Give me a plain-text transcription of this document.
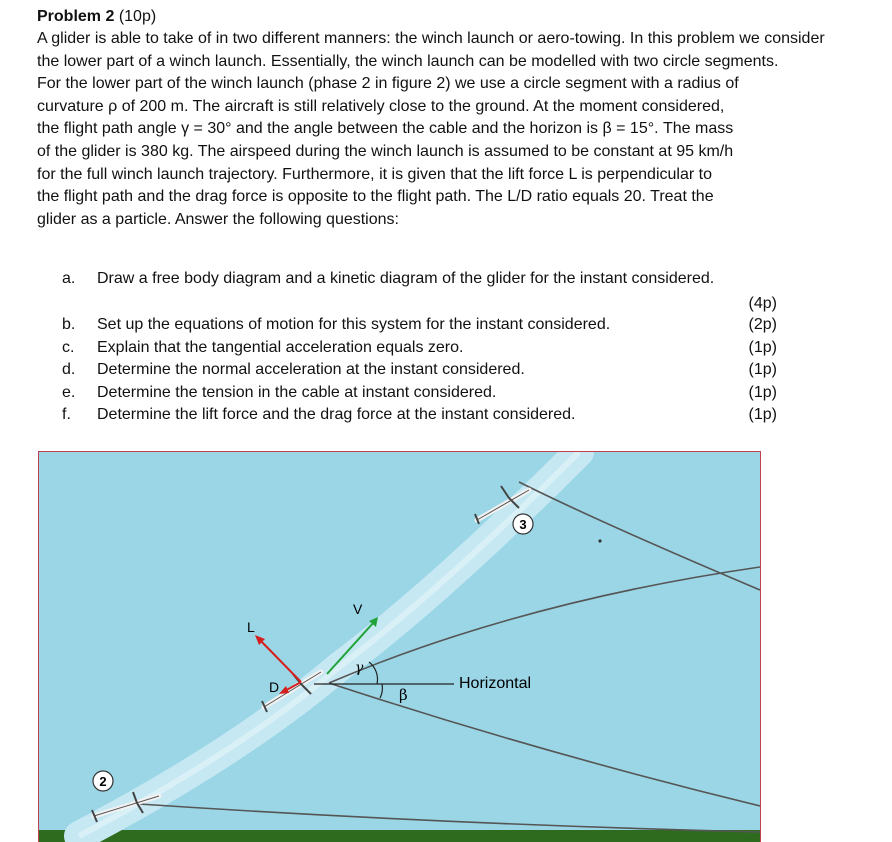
Problem 2 (10p)

A glider is able to take of in two different manners: the winch launch or aero-towing. In this problem we consider the lower part of a winch launch. Essentially, the winch launch can be modelled with two circle segments.

For the lower part of the winch launch (phase 2 in figure 2) we use a circle segment with a radius of
curvature ρ of 200 m. The aircraft is still relatively close to the ground. At the moment considered,
the flight path angle γ = 30° and the angle between the cable and the horizon is β = 15°. The mass
of the glider is 380 kg. The airspeed during the winch launch is assumed to be constant at 95 km/h
for the full winch launch trajectory. Furthermore, it is given that the lift force L is perpendicular to
the flight path and the drag force is opposite to the flight path. The L/D ratio equals 20. Treat the
glider as a particle. Answer the following questions:
a.	Draw a free body diagram and a kinetic diagram of the glider for the instant considered.
(4p)
b.	Set up the equations of motion for this system for the instant considered.	(2p)
c.	Explain that the tangential acceleration equals zero.	(1p)
d.	Determine the normal acceleration at the instant considered.	(1p)
e.	Determine the tension in the cable at instant considered.	(1p)
f.	Determine the lift force and the drag force at the instant considered.	(1p)
L
V
D
γ
β
Horizontal
3
2
